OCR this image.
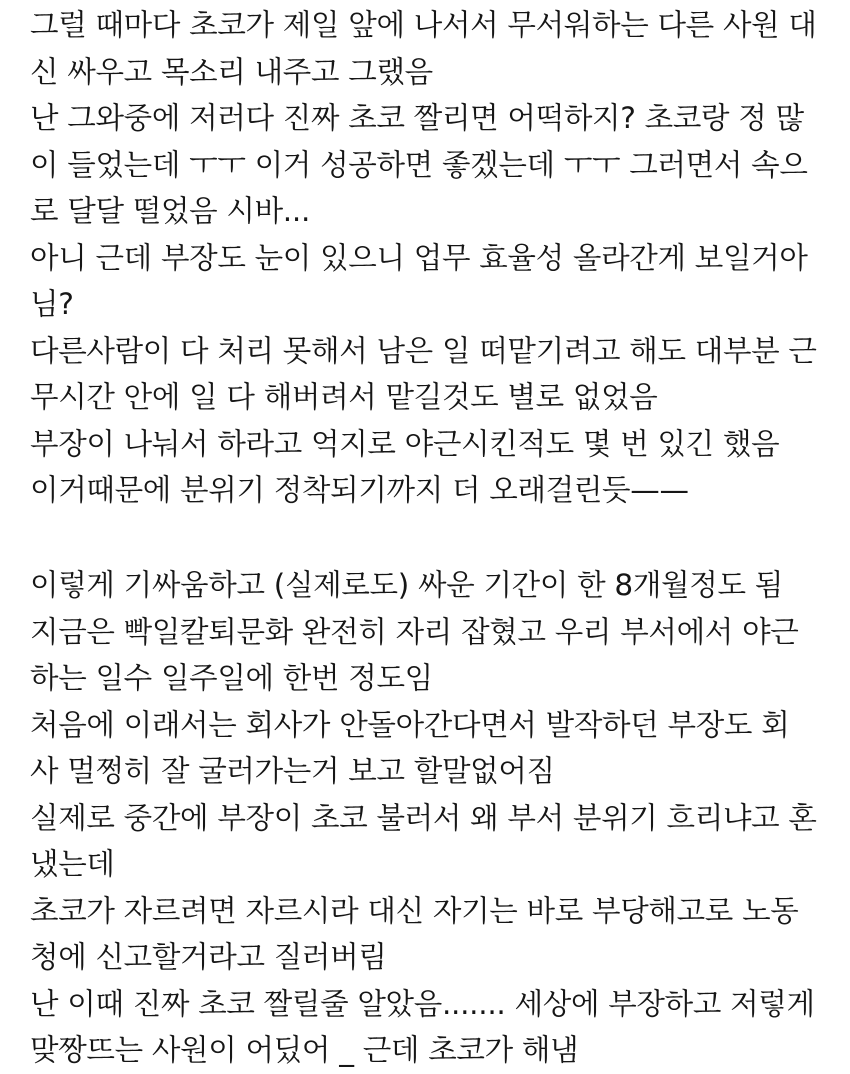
그럴 때마다 초코가 제일 앞에 나서서 무서워하는 다른 사원 대
신 싸우고 목소리 내주고 그랬음
난 그와중에 저러다 진짜 초코 짤리면 어떡하지? 초코랑 정 많
이 들었는데 ㅜㅜ 이거 성공하면 좋겠는데 ㅜㅜ 그러면서 속으
로 달달 떨었음 시바...
아니 근데 부장도 눈이 있으니 업무 효율성 올라간게 보일거아
님?
다른사람이 다 처리 못해서 남은 일 떠맡기려고 해도 대부분 근
무시간 안에 일 다 해버려서 맡길것도 별로 없었음
부장이 나눠서 하라고 억지로 야근시킨적도 몇 번 있긴 했음
이거때문에 분위기 정착되기까지 더 오래걸린듯——

이렇게 기싸움하고 (실제로도) 싸운 기간이 한 8개월정도 됨
지금은 빡일칼퇴문화 완전히 자리 잡혔고 우리 부서에서 야근
하는 일수 일주일에 한번 정도임
처음에 이래서는 회사가 안돌아간다면서 발작하던 부장도 회
사 멀쩡히 잘 굴러가는거 보고 할말없어짐
실제로 중간에 부장이 초코 불러서 왜 부서 분위기 흐리냐고 혼
냈는데
초코가 자르려면 자르시라 대신 자기는 바로 부당해고로 노동
청에 신고할거라고 질러버림
난 이때 진짜 초코 짤릴줄 알았음....... 세상에 부장하고 저렇게
맞짱뜨는 사원이 어딨어 _ 근데 초코가 해냄
